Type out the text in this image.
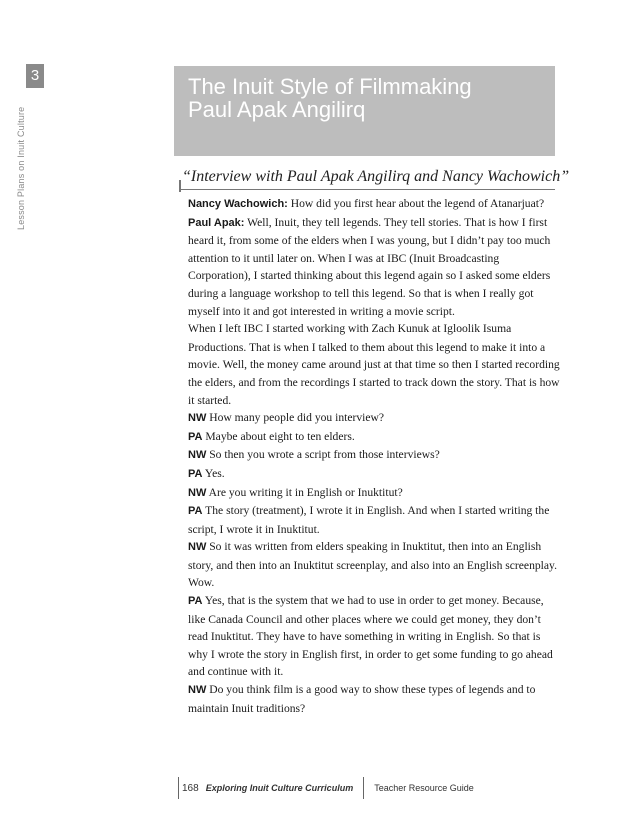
3
Lesson Plans on Inuit Culture
The Inuit Style of Filmmaking
Paul Apak Angilirq
“Interview with Paul Apak Angilirq and Nancy Wachowich”

Nancy Wachowich: How did you first hear about the legend of Atanarjuat?

Paul Apak: Well, Inuit, they tell legends. They tell stories. That is how I first heard it, from some of the elders when I was young, but I didn’t pay too much attention to it until later on. When I was at IBC (Inuit Broadcasting Corporation), I started thinking about this legend again so I asked some elders during a language workshop to tell this legend. So that is when I really got myself into it and got interested in writing a movie script.

When I left IBC I started working with Zach Kunuk at Igloolik Isuma Productions. That is when I talked to them about this legend to make it into a movie. Well, the money came around just at that time so then I started recording the elders, and from the recordings I started to track down the story. That is how it started.

NW How many people did you interview?

PA Maybe about eight to ten elders.

NW So then you wrote a script from those interviews?

PA Yes.

NW Are you writing it in English or Inuktitut?

PA The story (treatment), I wrote it in English. And when I started writing the script, I wrote it in Inuktitut.

NW So it was written from elders speaking in Inuktitut, then into an English story, and then into an Inuktitut screenplay, and also into an English screenplay. Wow.

PA Yes, that is the system that we had to use in order to get money. Because, like Canada Council and other places where we could get money, they don’t read Inuktitut. They have to have something in writing in English. So that is why I wrote the story in English first, in order to get some funding to go ahead and continue with it.

NW Do you think film is a good way to show these types of legends and to maintain Inuit traditions?

168 Exploring Inuit Culture Curriculum	Teacher Resource Guide
